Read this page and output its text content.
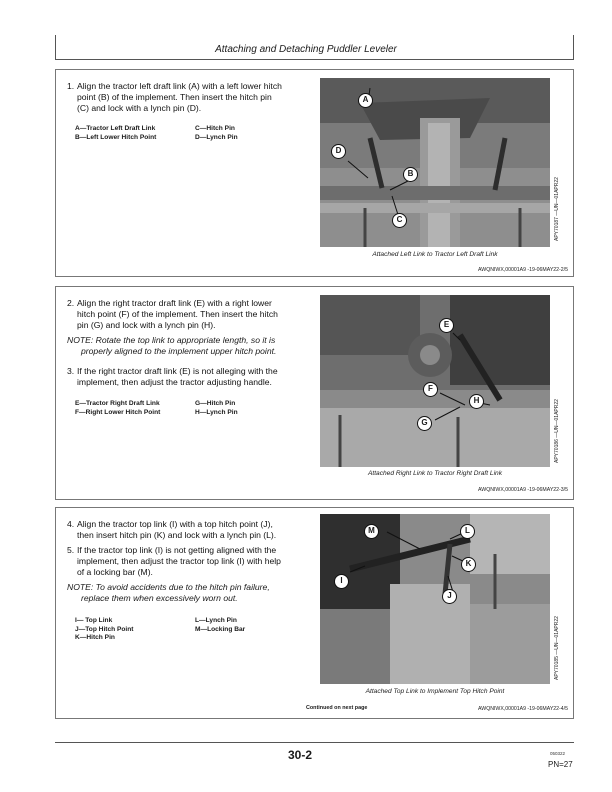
Attaching and Detaching Puddler Leveler
1. Align the tractor left draft link (A) with a left lower hitch
point (B) of the implement. Then insert the hitch pin
(C) and lock with a lynch pin (D).
A—Tractor Left Draft Link	C—Hitch Pin
B—Left Lower Hitch Point	D—Lynch Pin
A
D
B
C	APY70187 —UN—01APR22
Attached Left Link to Tractor Left Draft Link
AWQNIWX,00001A9 -19-06MAY22-2/5
2. Align the right tractor draft link (E) with a right lower
hitch point (F) of the implement. Then insert the hitch
pin (G) and lock with a lynch pin (H).
NOTE: Rotate the top link to appropriate length, so it is
properly aligned to the implement upper hitch point.
3. If the right tractor draft link (E) is not alleging with the
implement, then adjust the tractor adjusting handle.
E—Tractor Right Draft Link	G—Hitch Pin
F—Right Lower Hitch Point	H—Lynch Pin
E
F
H
G	APY70186 —UN—01APR22
Attached Right Link to Tractor Right Draft Link
AWQNIWX,00001A9 -19-06MAY22-3/5
4. Align the tractor top link (I) with a top hitch point (J),
then insert hitch pin (K) and lock with a lynch pin (L).
5. If the tractor top link (I) is not getting aligned with the
implement, then adjust the tractor top link (I) with help
of a locking bar (M).
NOTE: To avoid accidents due to the hitch pin failure,
replace them when excessively worn out.
I— Top Link	L—Lynch Pin
J—Top Hitch Point	M—Locking Bar
K—Hitch Pin
M	L
I
K
J
APY70185 —UN—01APR22
Attached Top Link to Implement Top Hitch Point
Continued on next page	AWQNIWX,00001A9 -19-06MAY22-4/5
30-2	050322
PN=27
